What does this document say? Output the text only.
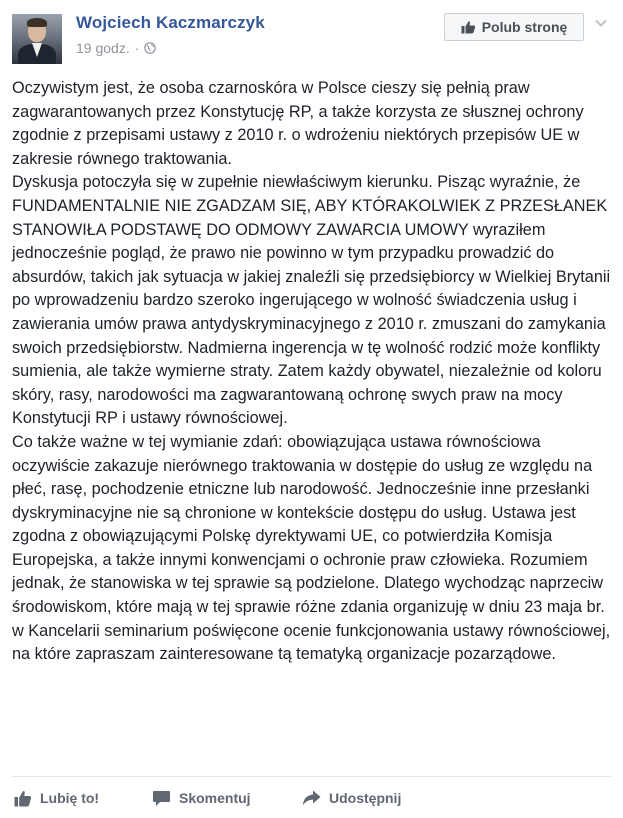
Wojciech Kaczmarczyk
19 godz. ·
Polub stronę
Oczywistym jest, że osoba czarnoskóra w Polsce cieszy się pełnią praw zagwarantowanych przez Konstytucję RP, a także korzysta ze słusznej ochrony zgodnie z przepisami ustawy z 2010 r. o wdrożeniu niektórych przepisów UE w zakresie równego traktowania.
Dyskusja potoczyła się w zupełnie niewłaściwym kierunku. Pisząc wyraźnie, że FUNDAMENTALNIE NIE ZGADZAM SIĘ, ABY KTÓRAKOLWIEK Z PRZESŁANEK STANOWIŁA PODSTAWĘ DO ODMOWY ZAWARCIA UMOWY wyraziłem jednocześnie pogląd, że prawo nie powinno w tym przypadku prowadzić do absurdów, takich jak sytuacja w jakiej znaleźli się przedsiębiorcy w Wielkiej Brytanii po wprowadzeniu bardzo szeroko ingerującego w wolność świadczenia usług i zawierania umów prawa antydyskryminacyjnego z 2010 r. zmuszani do zamykania swoich przedsiębiorstw. Nadmierna ingerencja w tę wolność rodzić może konflikty sumienia, ale także wymierne straty. Zatem każdy obywatel, niezależnie od koloru skóry, rasy, narodowości ma zagwarantowaną ochronę swych praw na mocy Konstytucji RP i ustawy równościowej.
Co także ważne w tej wymianie zdań: obowiązująca ustawa równościowa oczywiście zakazuje nierównego traktowania w dostępie do usług ze względu na płeć, rasę, pochodzenie etniczne lub narodowość. Jednocześnie inne przesłanki dyskryminacyjne nie są chronione w kontekście dostępu do usług. Ustawa jest zgodna z obowiązującymi Polskę dyrektywami UE, co potwierdziła Komisja Europejska, a także innymi konwencjami o ochronie praw człowieka. Rozumiem jednak, że stanowiska w tej sprawie są podzielone. Dlatego wychodząc naprzeciw środowiskom, które mają w tej sprawie różne zdania organizuję w dniu 23 maja br. w Kancelarii seminarium poświęcone ocenie funkcjonowania ustawy równościowej, na które zapraszam zainteresowane tą tematyką organizacje pozarządowe.
Lubię to!	Skomentuj	Udostępnij
